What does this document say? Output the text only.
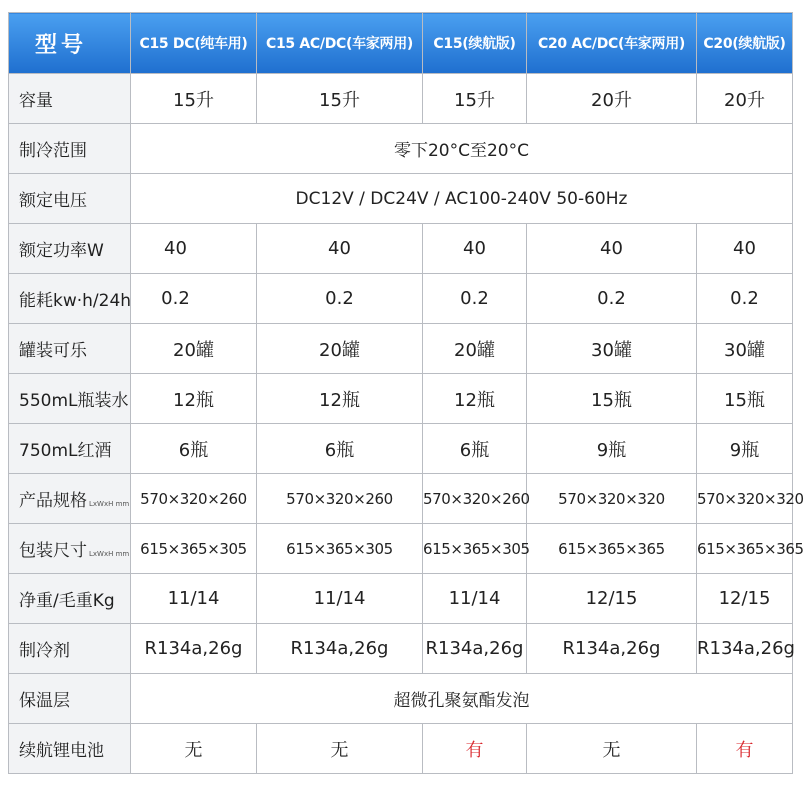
型号	C15 DC(纯车用)	C15 AC/DC(车家两用)	C15(续航版)	C20 AC/DC(车家两用)	C20(续航版)
容量	15升	15升	15升	20升	20升
制冷范围	零下20°C至20°C				
额定电压	DC12V / DC24V / AC100-240V 50-60Hz				
额定功率W	40	40	40	40	40
能耗kw·h/24h	0.2	0.2	0.2	0.2	0.2
罐装可乐	20罐	20罐	20罐	30罐	30罐
550mL瓶装水	12瓶	12瓶	12瓶	15瓶	15瓶
750mL红酒	6瓶	6瓶	6瓶	9瓶	9瓶
产品规格 LxWxH mm	570×320×260	570×320×260	570×320×260	570×320×320	570×320×320
包装尺寸 LxWxH mm	615×365×305	615×365×305	615×365×305	615×365×365	615×365×365
净重/毛重Kg	11/14	11/14	11/14	12/15	12/15
制冷剂	R134a,26g	R134a,26g	R134a,26g	R134a,26g	R134a,26g
保温层	超微孔聚氨酯发泡				
续航锂电池	无	无	有	无	有
